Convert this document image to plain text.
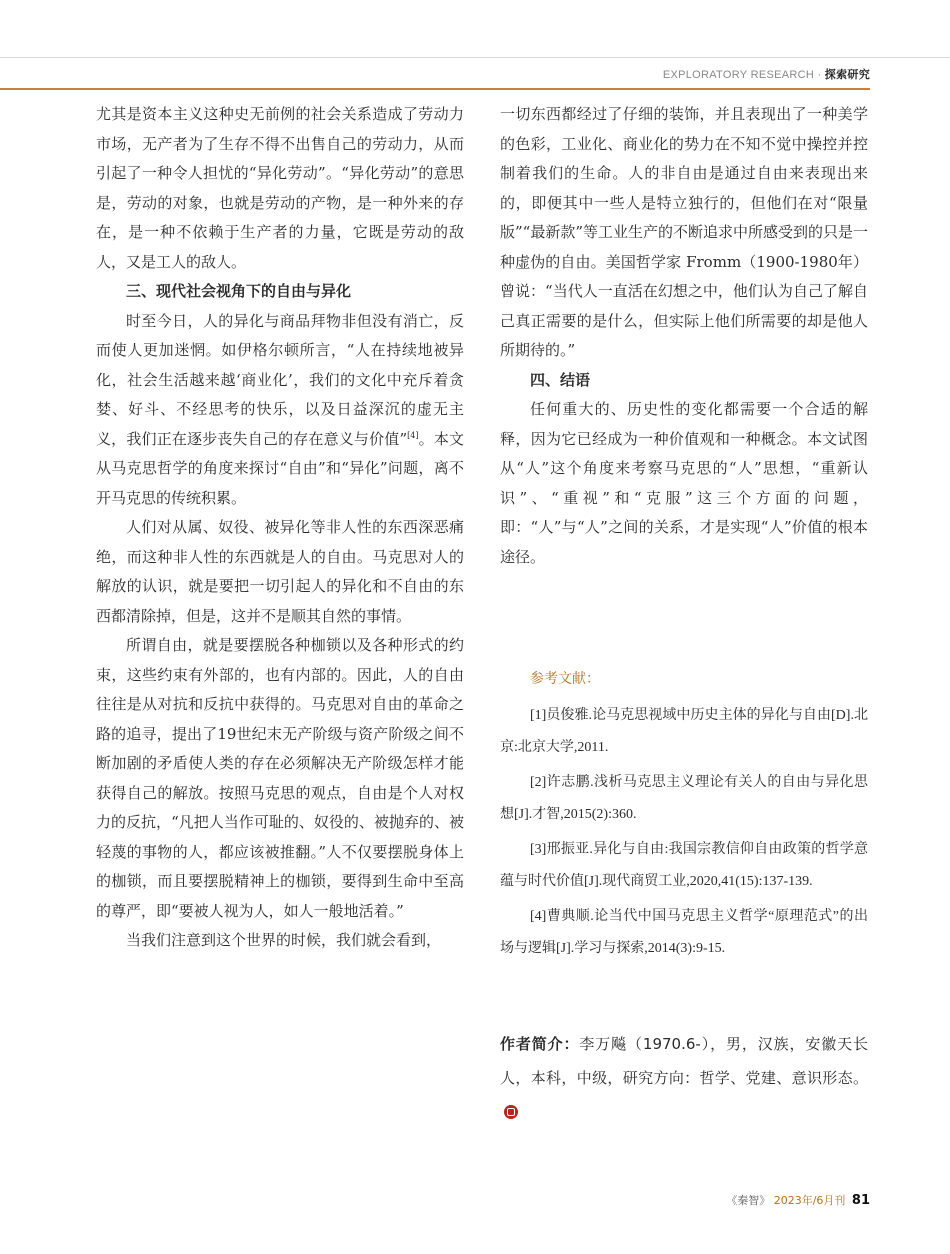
EXPLORATORY RESEARCH · 探索研究

尤其是资本主义这种史无前例的社会关系造成了劳动力市场，无产者为了生存不得不出售自己的劳动力，从而引起了一种令人担忧的“异化劳动”。“异化劳动”的意思是，劳动的对象，也就是劳动的产物，是一种外来的存在，是一种不依赖于生产者的力量，它既是劳动的敌人，又是工人的敌人。

三、现代社会视角下的自由与异化

时至今日，人的异化与商品拜物非但没有消亡，反而使人更加迷惘。如伊格尔顿所言，“人在持续地被异化，社会生活越来越‘商业化’，我们的文化中充斥着贪婪、好斗、不经思考的快乐，以及日益深沉的虚无主义，我们正在逐步丧失自己的存在意义与价值”[4]。本文从马克思哲学的角度来探讨“自由”和“异化”问题，离不开马克思的传统积累。

人们对从属、奴役、被异化等非人性的东西深恶痛绝，而这种非人性的东西就是人的自由。马克思对人的解放的认识，就是要把一切引起人的异化和不自由的东西都清除掉，但是，这并不是顺其自然的事情。

所谓自由，就是要摆脱各种枷锁以及各种形式的约束，这些约束有外部的，也有内部的。因此，人的自由往往是从对抗和反抗中获得的。马克思对自由的革命之路的追寻，提出了19世纪末无产阶级与资产阶级之间不断加剧的矛盾使人类的存在必须解决无产阶级怎样才能获得自己的解放。按照马克思的观点，自由是个人对权力的反抗，“凡把人当作可耻的、奴役的、被抛弃的、被轻蔑的事物的人，都应该被推翻。”人不仅要摆脱身体上的枷锁，而且要摆脱精神上的枷锁，要得到生命中至高的尊严，即“要被人视为人，如人一般地活着。”

当我们注意到这个世界的时候，我们就会看到，

一切东西都经过了仔细的装饰，并且表现出了一种美学的色彩，工业化、商业化的势力在不知不觉中操控并控制着我们的生命。人的非自由是通过自由来表现出来的，即便其中一些人是特立独行的，但他们在对“限量版”“最新款”等工业生产的不断追求中所感受到的只是一种虚伪的自由。美国哲学家 Fromm（1900-1980年）曾说：“当代人一直活在幻想之中，他们认为自己了解自己真正需要的是什么，但实际上他们所需要的却是他人所期待的。”

四、结语

任何重大的、历史性的变化都需要一个合适的解释，因为它已经成为一种价值观和一种概念。本文试图从“人”这个角度来考察马克思的“人”思想，“重新认识”、“重视”和“克服”这三个方面的问题，即：“人”与“人”之间的关系，才是实现“人”价值的根本途径。

参考文献：

[1]员俊雅.论马克思视域中历史主体的异化与自由[D].北京:北京大学,2011.

[2]许志鹏.浅析马克思主义理论有关人的自由与异化思想[J].才智,2015(2):360.

[3]邢振亚.异化与自由:我国宗教信仰自由政策的哲学意蕴与时代价值[J].现代商贸工业,2020,41(15):137-139.

[4]曹典顺.论当代中国马克思主义哲学“原理范式”的出场与逻辑[J].学习与探索,2014(3):9-15.

作者简介：李万飚（1970.6-），男，汉族，安徽天长人，本科，中级，研究方向：哲学、党建、意识形态。
《秦智》 2023年/6月刊 81
